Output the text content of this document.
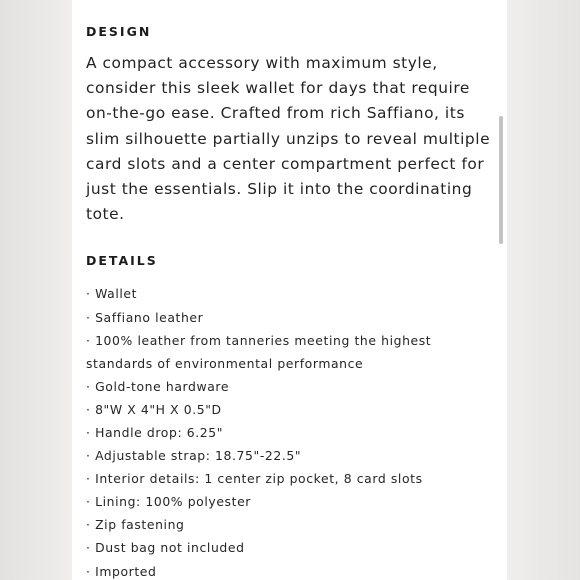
DESIGN

A compact accessory with maximum style, consider this sleek wallet for days that require on-the-go ease. Crafted from rich Saffiano, its slim silhouette partially unzips to reveal multiple card slots and a center compartment perfect for just the essentials. Slip it into the coordinating tote.

DETAILS
· Wallet
· Saffiano leather
· 100% leather from tanneries meeting the highest standards of environmental performance
· Gold-tone hardware
· 8"W X 4"H X 0.5"D
· Handle drop: 6.25"
· Adjustable strap: 18.75"-22.5"
· Interior details: 1 center zip pocket, 8 card slots
· Lining: 100% polyester
· Zip fastening
· Dust bag not included
· Imported
